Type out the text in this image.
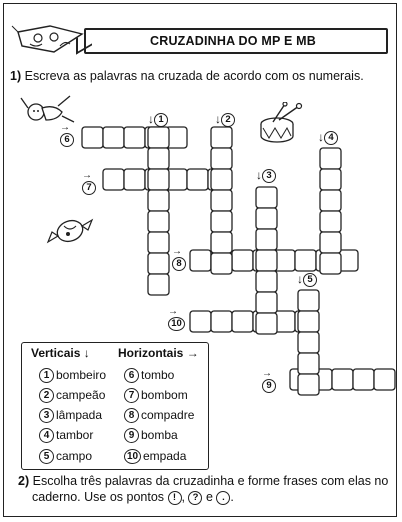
CRUZADINHA DO MP E MB
1) Escreva as palavras na cruzada de acordo com os numerais.
↓ 1	↓ 2
↓ 3
↓ 4
↓ 5
→
6
→
7
→
8
→
10
→
9
Verticais ↓ Horizontais →
1 bombeiro
2 campeão
3 lâmpada
4 tambor
5 campo
6 tombo
7 bombom
8 compadre
9 bomba
10 empada
2) Escolha três palavras da cruzadinha e forme frases com elas no
caderno. Use os pontos ! , ? e . .
